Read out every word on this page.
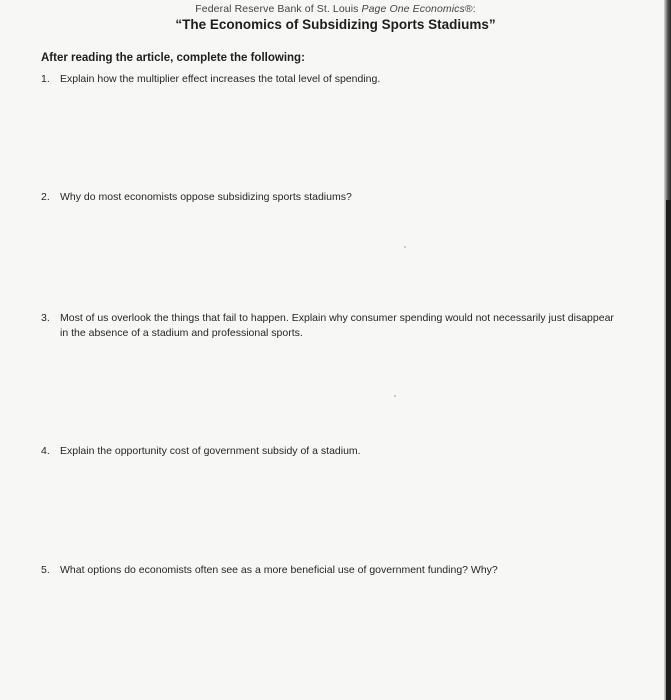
Federal Reserve Bank of St. Louis Page One Economics®:
“The Economics of Subsidizing Sports Stadiums”
After reading the article, complete the following:
1. Explain how the multiplier effect increases the total level of spending.
2. Why do most economists oppose subsidizing sports stadiums?
3. Most of us overlook the things that fail to happen. Explain why consumer spending would not necessarily just disappear in the absence of a stadium and professional sports.
4. Explain the opportunity cost of government subsidy of a stadium.
5. What options do economists often see as a more beneficial use of government funding? Why?
